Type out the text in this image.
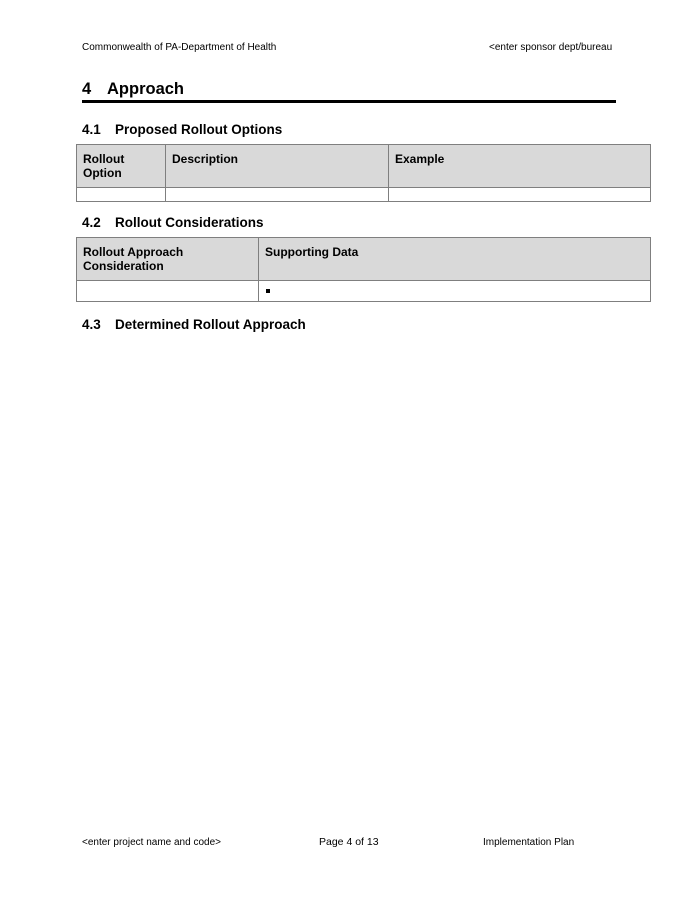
Commonwealth of PA-Department of Health	<enter sponsor dept/bureau
4 Approach
4.1 Proposed Rollout Options
Rollout Option	Description	Example

4.2 Rollout Considerations
Rollout Approach Consideration	Supporting Data

4.3 Determined Rollout Approach
<enter project name and code>	Page 4 of 13	Implementation Plan
